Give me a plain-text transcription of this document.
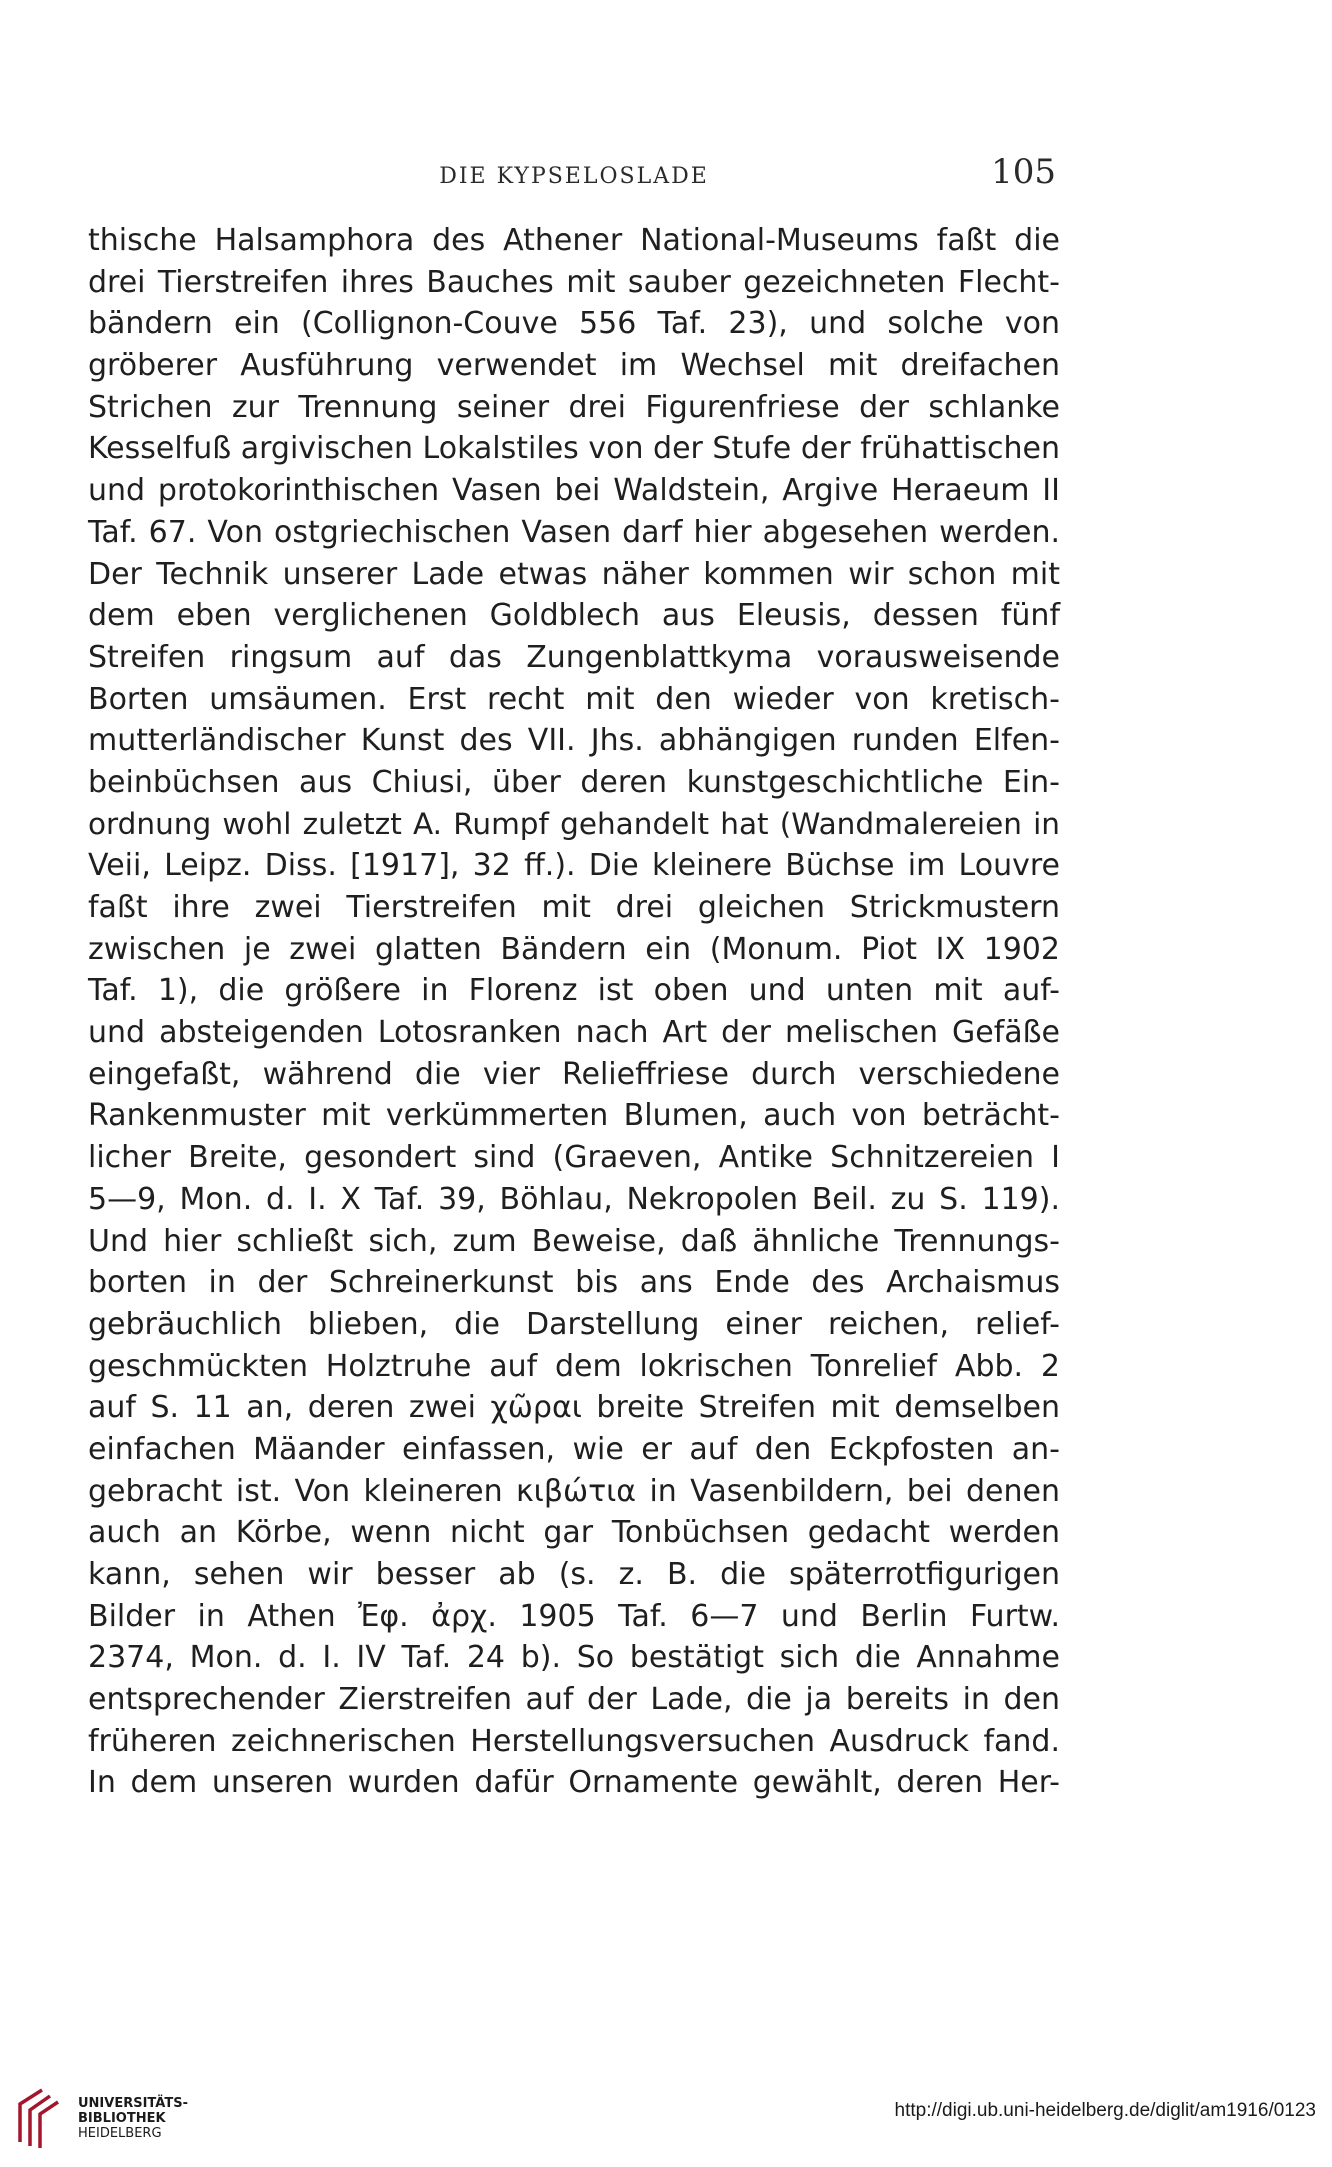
DIE KYPSELOSLADE	105
thische Halsamphora des Athener National-Museums faßt die
drei Tierstreifen ihres Bauches mit sauber gezeichneten Flecht-
bändern ein (Collignon-Couve 556 Taf. 23), und solche von
gröberer Ausführung verwendet im Wechsel mit dreifachen
Strichen zur Trennung seiner drei Figurenfriese der schlanke
Kesselfuß argivischen Lokalstiles von der Stufe der frühattischen
und protokorinthischen Vasen bei Waldstein, Argive Heraeum II
Taf. 67. Von ostgriechischen Vasen darf hier abgesehen werden.
Der Technik unserer Lade etwas näher kommen wir schon mit
dem eben verglichenen Goldblech aus Eleusis, dessen fünf
Streifen ringsum auf das Zungenblattkyma vorausweisende
Borten umsäumen. Erst recht mit den wieder von kretisch-
mutterländischer Kunst des VII. Jhs. abhängigen runden Elfen-
beinbüchsen aus Chiusi, über deren kunstgeschichtliche Ein-
ordnung wohl zuletzt A. Rumpf gehandelt hat (Wandmalereien in
Veii, Leipz. Diss. [1917], 32 ff.). Die kleinere Büchse im Louvre
faßt ihre zwei Tierstreifen mit drei gleichen Strickmustern
zwischen je zwei glatten Bändern ein (Monum. Piot IX 1902
Taf. 1), die größere in Florenz ist oben und unten mit auf-
und absteigenden Lotosranken nach Art der melischen Gefäße
eingefaßt, während die vier Relieffriese durch verschiedene
Rankenmuster mit verkümmerten Blumen, auch von beträcht-
licher Breite, gesondert sind (Graeven, Antike Schnitzereien I
5—9, Mon. d. I. X Taf. 39, Böhlau, Nekropolen Beil. zu S. 119).
Und hier schließt sich, zum Beweise, daß ähnliche Trennungs-
borten in der Schreinerkunst bis ans Ende des Archaismus
gebräuchlich blieben, die Darstellung einer reichen, relief-
geschmückten Holztruhe auf dem lokrischen Tonrelief Abb. 2
auf S. 11 an, deren zwei χῶραι breite Streifen mit demselben
einfachen Mäander einfassen, wie er auf den Eckpfosten an-
gebracht ist. Von kleineren κιβώτια in Vasenbildern, bei denen
auch an Körbe, wenn nicht gar Tonbüchsen gedacht werden
kann, sehen wir besser ab (s. z. B. die späterrotfigurigen
Bilder in Athen Ἐφ. ἀρχ. 1905 Taf. 6—7 und Berlin Furtw.
2374, Mon. d. I. IV Taf. 24 b). So bestätigt sich die Annahme
entsprechender Zierstreifen auf der Lade, die ja bereits in den
früheren zeichnerischen Herstellungsversuchen Ausdruck fand.
In dem unseren wurden dafür Ornamente gewählt, deren Her-
UNIVERSITÄTS-
BIBLIOTHEK
HEIDELBERG
http://digi.ub.uni-heidelberg.de/diglit/am1916/0123
